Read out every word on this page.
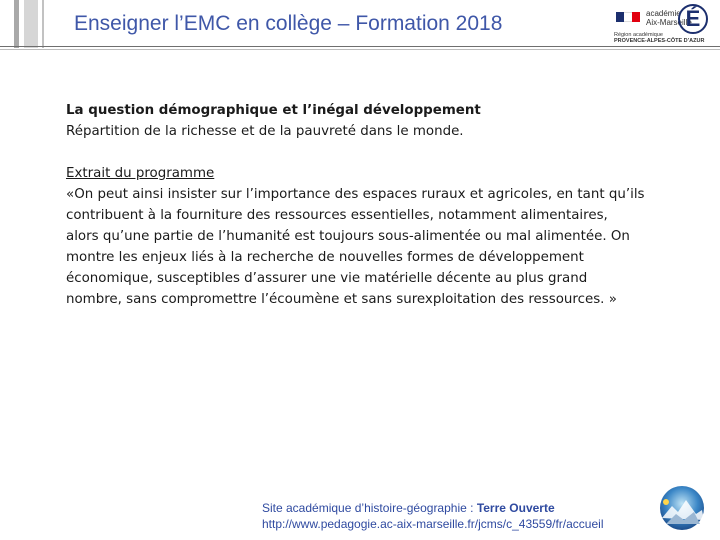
Enseigner l’EMC en collège – Formation 2018	académie
Aix-Marseille
É
Région académique
PROVENCE-ALPES-CÔTE D’AZUR

La question démographique et l’inégal développement

Répartition de la richesse et de la pauvreté dans le monde.

Extrait du programme

«On peut ainsi insister sur l’importance des espaces ruraux et agricoles, en tant qu’ils

contribuent à la fourniture des ressources essentielles, notamment alimentaires,

alors qu’une partie de l’humanité est toujours sous-alimentée ou mal alimentée. On

montre les enjeux liés à la recherche de nouvelles formes de développement

économique, susceptibles d’assurer une vie matérielle décente au plus grand

nombre, sans compromettre l’écoumène et sans surexploitation des ressources. »

Site académique d’histoire-géographie : Terre Ouverte
http://www.pedagogie.ac-aix-marseille.fr/jcms/c_43559/fr/accueil
